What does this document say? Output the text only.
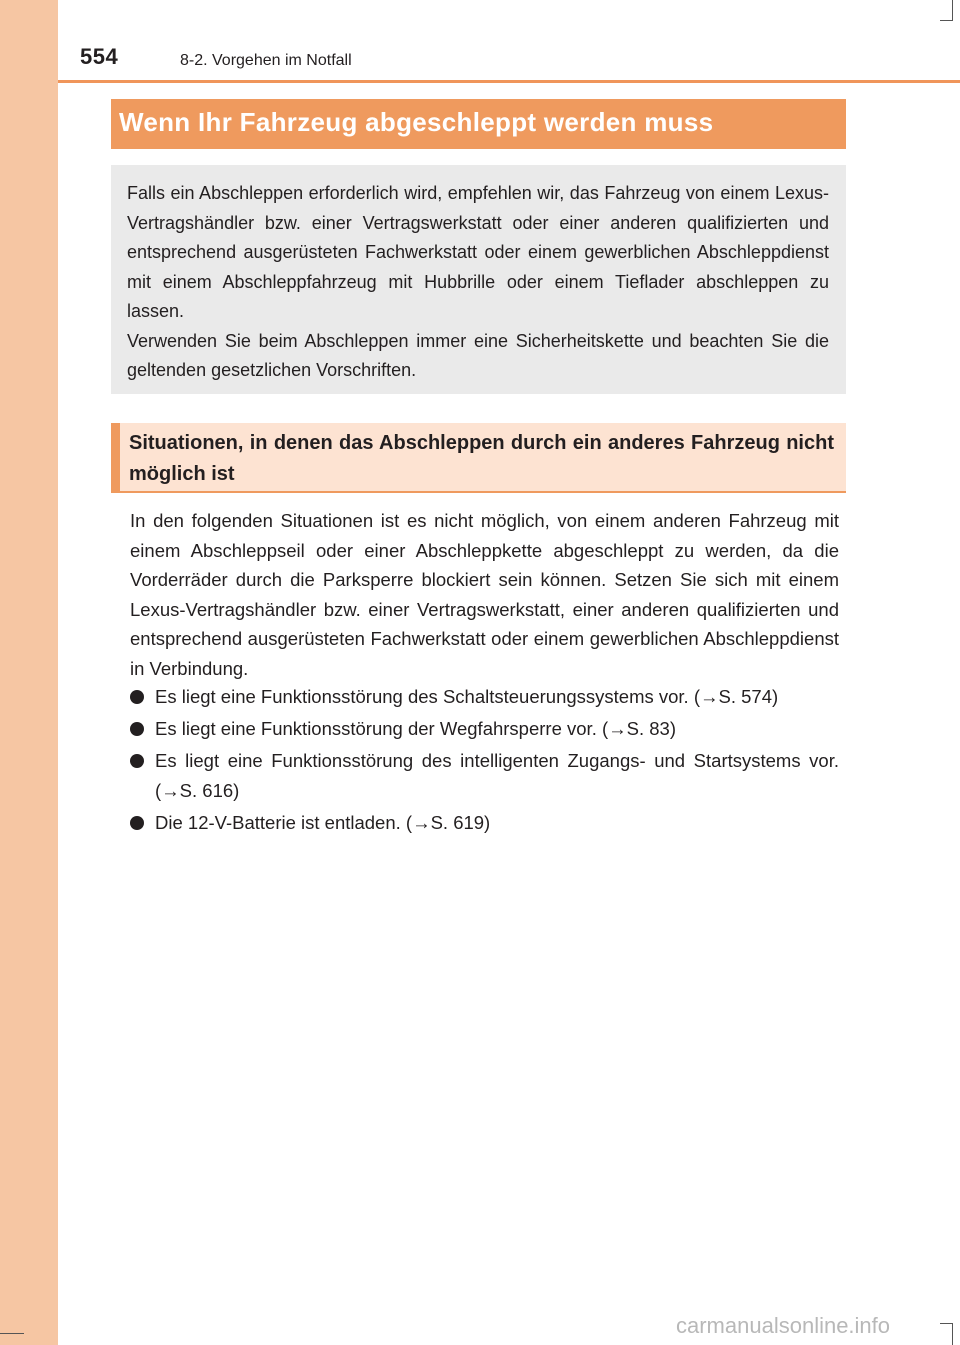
554	8-2. Vorgehen im Notfall
Wenn Ihr Fahrzeug abgeschleppt werden muss

Falls ein Abschleppen erforderlich wird, empfehlen wir, das Fahrzeug von einem Lexus-Vertragshändler bzw. einer Vertragswerkstatt oder einer anderen qualifizierten und entsprechend ausgerüsteten Fachwerkstatt oder einem gewerblichen Abschleppdienst mit einem Abschleppfahrzeug mit Hubbrille oder einem Tieflader abschleppen zu lassen.

Verwenden Sie beim Abschleppen immer eine Sicherheitskette und beachten Sie die geltenden gesetzlichen Vorschriften.

Situationen, in denen das Abschleppen durch ein anderes Fahrzeug nicht möglich ist

In den folgenden Situationen ist es nicht möglich, von einem anderen Fahrzeug mit einem Abschleppseil oder einer Abschleppkette abgeschleppt zu werden, da die Vorderräder durch die Parksperre blockiert sein können. Setzen Sie sich mit einem Lexus-Vertragshändler bzw. einer Vertragswerkstatt, einer anderen qualifizierten und entsprechend ausgerüsteten Fachwerkstatt oder einem gewerblichen Abschleppdienst in Verbindung.

Es liegt eine Funktionsstörung des Schaltsteuerungssystems vor. (→S. 574)
Es liegt eine Funktionsstörung der Wegfahrsperre vor. (→S. 83)
Es liegt eine Funktionsstörung des intelligenten Zugangs- und Startsystems vor. (→S. 616)
Die 12-V-Batterie ist entladen. (→S. 619)
carmanualsonline.info
